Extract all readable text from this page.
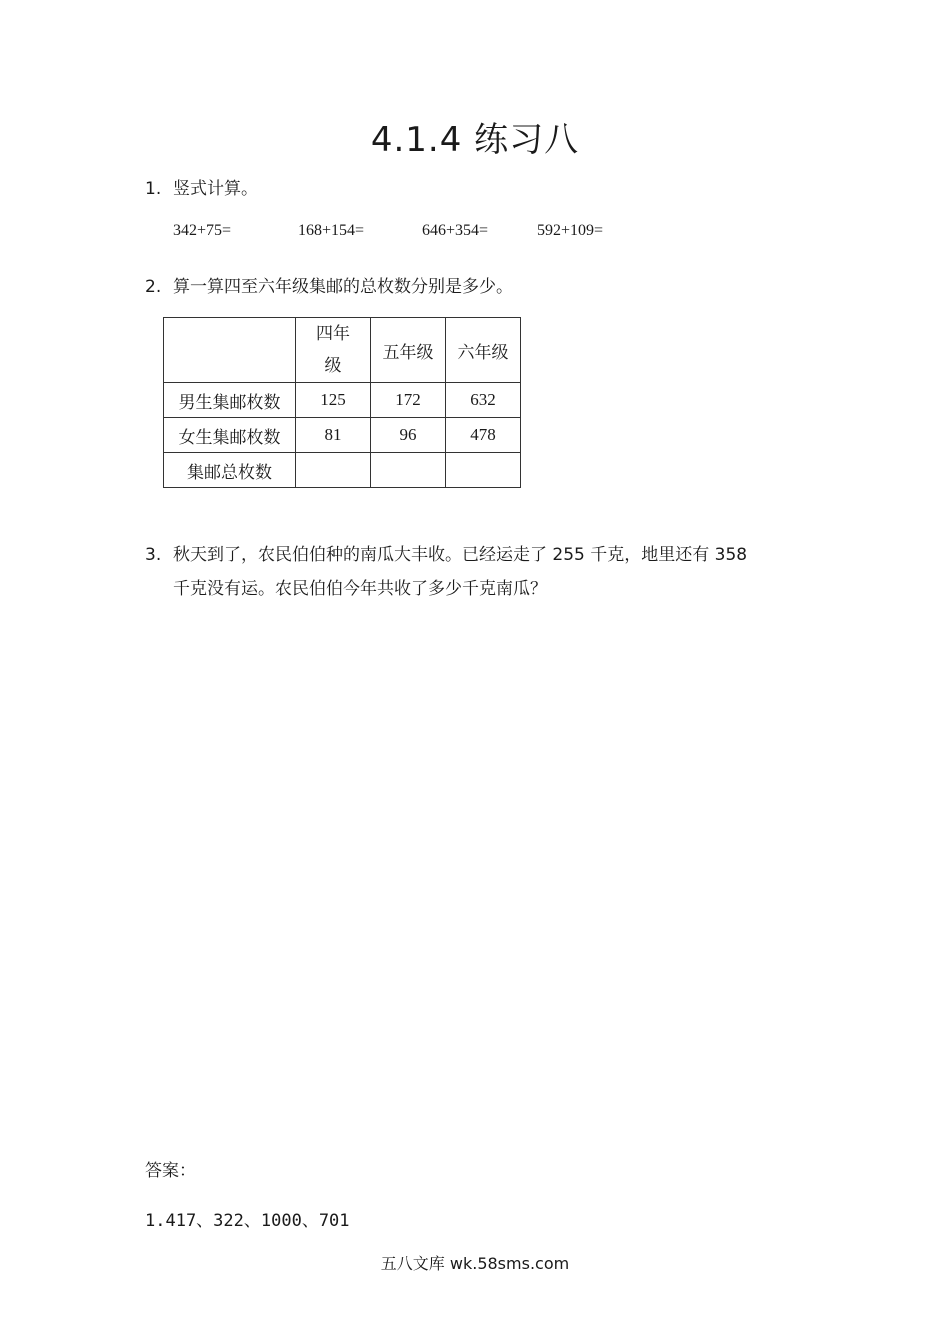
4.1.4 练习八
1. 竖式计算。
342+75=	168+154=	646+354=	592+109=
2. 算一算四至六年级集邮的总枚数分别是多少。
	四年级	五年级	六年级
男生集邮枚数	125	172	632
女生集邮枚数	81	96	478
集邮总枚数			
3. 秋天到了，农民伯伯种的南瓜大丰收。已经运走了 255 千克，地里还有 358
千克没有运。农民伯伯今年共收了多少千克南瓜？
答案：
1.417、322、1000、701
五八文库 wk.58sms.com
